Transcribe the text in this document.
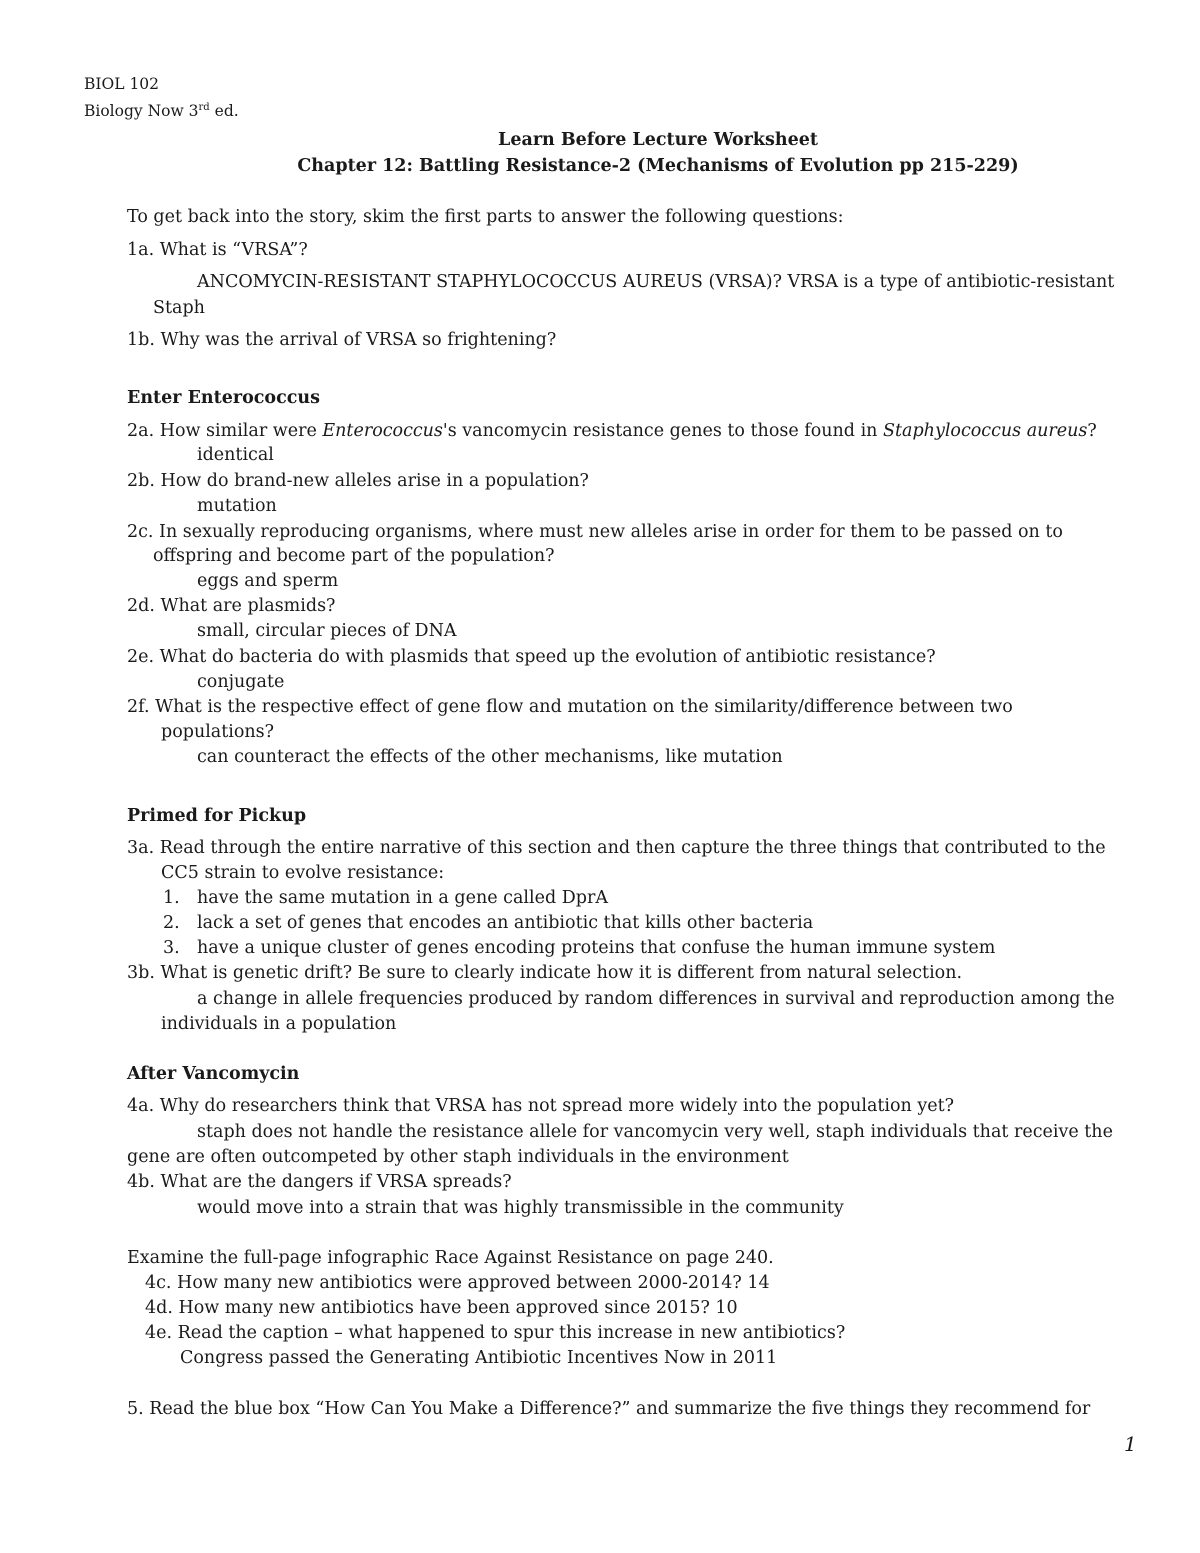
BIOL 102
Biology Now 3rd ed.
Learn Before Lecture Worksheet
Chapter 12: Battling Resistance-2 (Mechanisms of Evolution pp 215-229)
To get back into the story, skim the first parts to answer the following questions:
1a. What is “VRSA”?
ANCOMYCIN-RESISTANT STAPHYLOCOCCUS AUREUS (VRSA)? VRSA is a type of antibiotic-resistant
Staph
1b. Why was the arrival of VRSA so frightening?
Enter Enterococcus
2a. How similar were Enterococcus's vancomycin resistance genes to those found in Staphylococcus aureus?
identical
2b. How do brand-new alleles arise in a population?
mutation
2c. In sexually reproducing organisms, where must new alleles arise in order for them to be passed on to
offspring and become part of the population?
eggs and sperm
2d. What are plasmids?
small, circular pieces of DNA
2e. What do bacteria do with plasmids that speed up the evolution of antibiotic resistance?
conjugate
2f. What is the respective effect of gene flow and mutation on the similarity/difference between two
populations?
can counteract the effects of the other mechanisms, like mutation
Primed for Pickup
3a. Read through the entire narrative of this section and then capture the three things that contributed to the
CC5 strain to evolve resistance:
1. have the same mutation in a gene called DprA
2. lack a set of genes that encodes an antibiotic that kills other bacteria
3. have a unique cluster of genes encoding proteins that confuse the human immune system
3b. What is genetic drift? Be sure to clearly indicate how it is different from natural selection.
a change in allele frequencies produced by random differences in survival and reproduction among the
individuals in a population
After Vancomycin
4a. Why do researchers think that VRSA has not spread more widely into the population yet?
staph does not handle the resistance allele for vancomycin very well, staph individuals that receive the
gene are often outcompeted by other staph individuals in the environment
4b. What are the dangers if VRSA spreads?
would move into a strain that was highly transmissible in the community
Examine the full-page infographic Race Against Resistance on page 240.
4c. How many new antibiotics were approved between 2000-2014? 14
4d. How many new antibiotics have been approved since 2015? 10
4e. Read the caption – what happened to spur this increase in new antibiotics?
Congress passed the Generating Antibiotic Incentives Now in 2011
5. Read the blue box “How Can You Make a Difference?” and summarize the five things they recommend for
1
